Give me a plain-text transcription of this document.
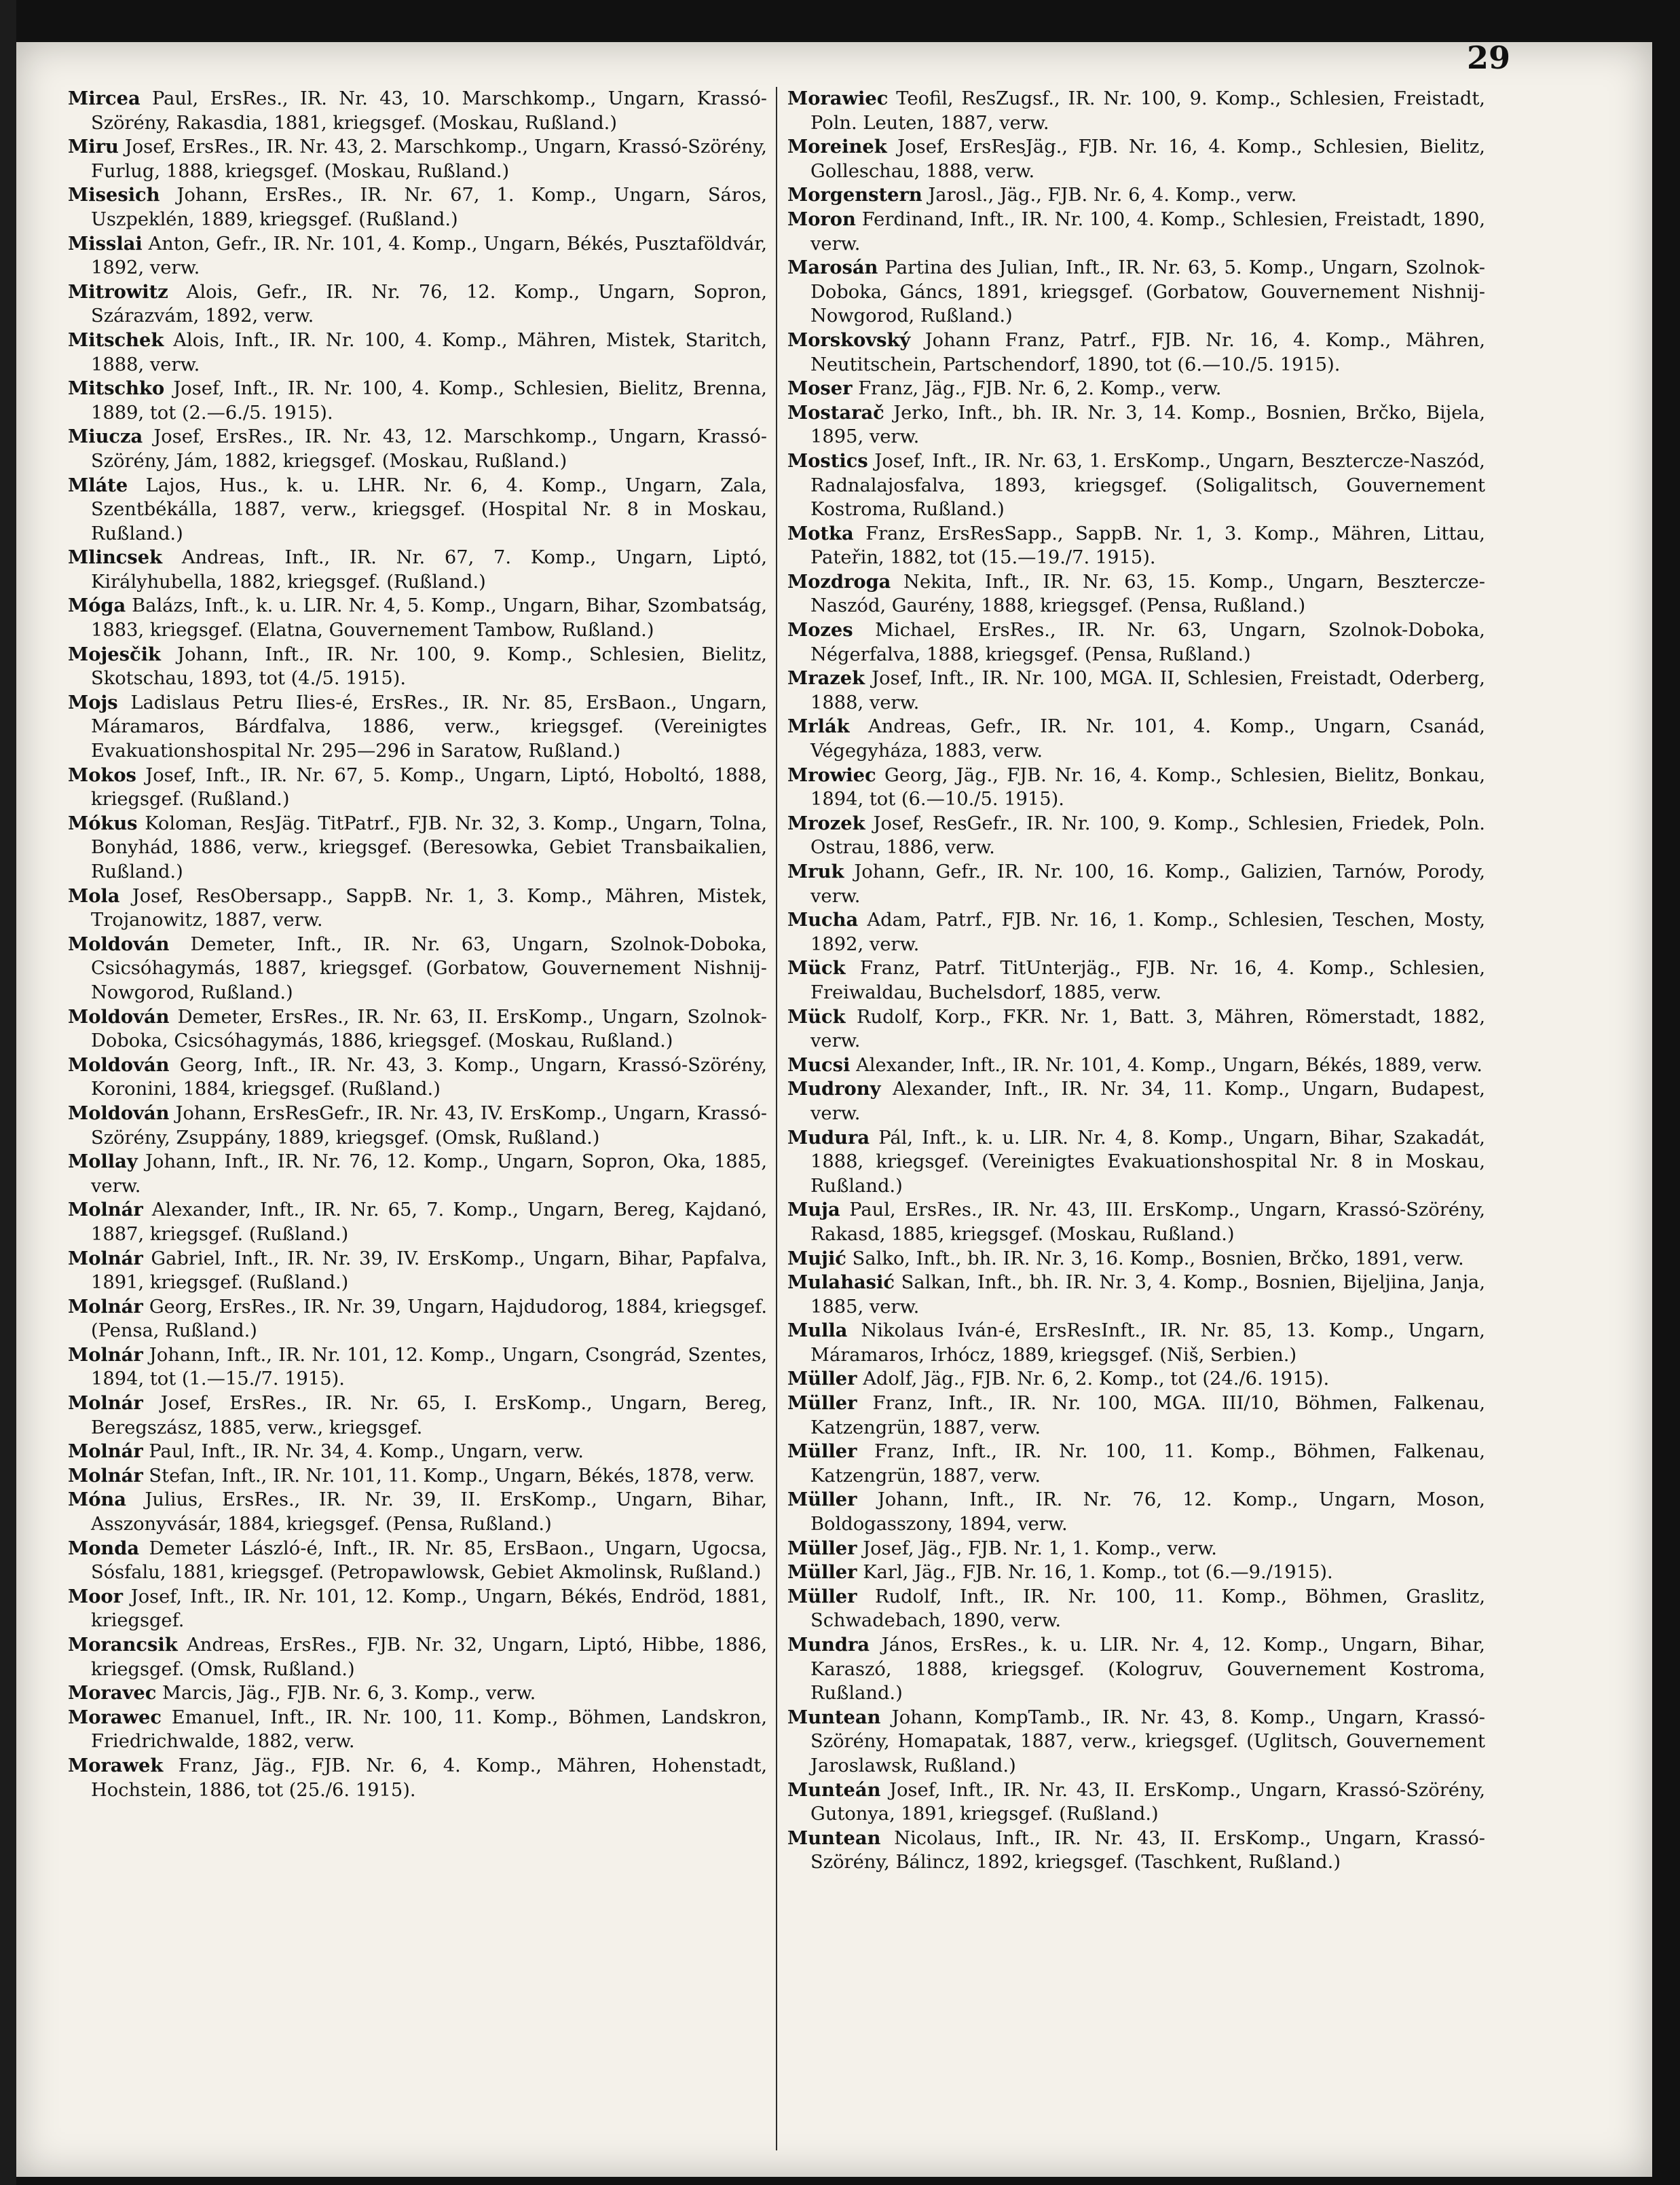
29

Mircea Paul, ErsRes., IR. Nr. 43, 10. Marschkomp., Ungarn, Krassó-Szörény, Rakasdia, 1881, kriegsgef. (Moskau, Rußland.)

Miru Josef, ErsRes., IR. Nr. 43, 2. Marschkomp., Ungarn, Krassó-Szörény, Furlug, 1888, kriegsgef. (Moskau, Rußland.)

Misesich Johann, ErsRes., IR. Nr. 67, 1. Komp., Ungarn, Sáros, Uszpeklén, 1889, kriegsgef. (Rußland.)

Misslai Anton, Gefr., IR. Nr. 101, 4. Komp., Ungarn, Békés, Pusztaföldvár, 1892, verw.

Mitrowitz Alois, Gefr., IR. Nr. 76, 12. Komp., Ungarn, Sopron, Szárazvám, 1892, verw.

Mitschek Alois, Inft., IR. Nr. 100, 4. Komp., Mähren, Mistek, Staritch, 1888, verw.

Mitschko Josef, Inft., IR. Nr. 100, 4. Komp., Schlesien, Bielitz, Brenna, 1889, tot (2.—6./5. 1915).

Miucza Josef, ErsRes., IR. Nr. 43, 12. Marschkomp., Ungarn, Krassó-Szörény, Jám, 1882, kriegsgef. (Moskau, Rußland.)

Mláte Lajos, Hus., k. u. LHR. Nr. 6, 4. Komp., Ungarn, Zala, Szentbékálla, 1887, verw., kriegsgef. (Hospital Nr. 8 in Moskau, Rußland.)

Mlincsek Andreas, Inft., IR. Nr. 67, 7. Komp., Ungarn, Liptó, Királyhubella, 1882, kriegsgef. (Rußland.)

Móga Balázs, Inft., k. u. LIR. Nr. 4, 5. Komp., Ungarn, Bihar, Szombatság, 1883, kriegsgef. (Elatna, Gouvernement Tambow, Rußland.)

Mojesčik Johann, Inft., IR. Nr. 100, 9. Komp., Schlesien, Bielitz, Skotschau, 1893, tot (4./5. 1915).

Mojs Ladislaus Petru Ilies-é, ErsRes., IR. Nr. 85, ErsBaon., Ungarn, Máramaros, Bárdfalva, 1886, verw., kriegsgef. (Vereinigtes Evakuationshospital Nr. 295—296 in Saratow, Rußland.)

Mokos Josef, Inft., IR. Nr. 67, 5. Komp., Ungarn, Liptó, Hoboltó, 1888, kriegsgef. (Rußland.)

Mókus Koloman, ResJäg. TitPatrf., FJB. Nr. 32, 3. Komp., Ungarn, Tolna, Bonyhád, 1886, verw., kriegsgef. (Beresowka, Gebiet Transbaikalien, Rußland.)

Mola Josef, ResObersapp., SappB. Nr. 1, 3. Komp., Mähren, Mistek, Trojanowitz, 1887, verw.

Moldován Demeter, Inft., IR. Nr. 63, Ungarn, Szolnok-Doboka, Csicsóhagymás, 1887, kriegsgef. (Gorbatow, Gouvernement Nishnij-Nowgorod, Rußland.)

Moldován Demeter, ErsRes., IR. Nr. 63, II. ErsKomp., Ungarn, Szolnok-Doboka, Csicsóhagymás, 1886, kriegsgef. (Moskau, Rußland.)

Moldován Georg, Inft., IR. Nr. 43, 3. Komp., Ungarn, Krassó-Szörény, Koronini, 1884, kriegsgef. (Rußland.)

Moldován Johann, ErsResGefr., IR. Nr. 43, IV. ErsKomp., Ungarn, Krassó-Szörény, Zsuppány, 1889, kriegsgef. (Omsk, Rußland.)

Mollay Johann, Inft., IR. Nr. 76, 12. Komp., Ungarn, Sopron, Oka, 1885, verw.

Molnár Alexander, Inft., IR. Nr. 65, 7. Komp., Ungarn, Bereg, Kajdanó, 1887, kriegsgef. (Rußland.)

Molnár Gabriel, Inft., IR. Nr. 39, IV. ErsKomp., Ungarn, Bihar, Papfalva, 1891, kriegsgef. (Rußland.)

Molnár Georg, ErsRes., IR. Nr. 39, Ungarn, Hajdudorog, 1884, kriegsgef. (Pensa, Rußland.)

Molnár Johann, Inft., IR. Nr. 101, 12. Komp., Ungarn, Csongrád, Szentes, 1894, tot (1.—15./7. 1915).

Molnár Josef, ErsRes., IR. Nr. 65, I. ErsKomp., Ungarn, Bereg, Beregszász, 1885, verw., kriegsgef.

Molnár Paul, Inft., IR. Nr. 34, 4. Komp., Ungarn, verw.

Molnár Stefan, Inft., IR. Nr. 101, 11. Komp., Ungarn, Békés, 1878, verw.

Móna Julius, ErsRes., IR. Nr. 39, II. ErsKomp., Ungarn, Bihar, Asszonyvásár, 1884, kriegsgef. (Pensa, Rußland.)

Monda Demeter László-é, Inft., IR. Nr. 85, ErsBaon., Ungarn, Ugocsa, Sósfalu, 1881, kriegsgef. (Petropawlowsk, Gebiet Akmolinsk, Rußland.)

Moor Josef, Inft., IR. Nr. 101, 12. Komp., Ungarn, Békés, Endröd, 1881, kriegsgef.

Morancsik Andreas, ErsRes., FJB. Nr. 32, Ungarn, Liptó, Hibbe, 1886, kriegsgef. (Omsk, Rußland.)

Moravec Marcis, Jäg., FJB. Nr. 6, 3. Komp., verw.

Morawec Emanuel, Inft., IR. Nr. 100, 11. Komp., Böhmen, Landskron, Friedrichwalde, 1882, verw.

Morawek Franz, Jäg., FJB. Nr. 6, 4. Komp., Mähren, Hohenstadt, Hochstein, 1886, tot (25./6. 1915).

Morawiec Teofil, ResZugsf., IR. Nr. 100, 9. Komp., Schlesien, Freistadt, Poln. Leuten, 1887, verw.

Moreinek Josef, ErsResJäg., FJB. Nr. 16, 4. Komp., Schlesien, Bielitz, Golleschau, 1888, verw.

Morgenstern Jarosl., Jäg., FJB. Nr. 6, 4. Komp., verw.

Moron Ferdinand, Inft., IR. Nr. 100, 4. Komp., Schlesien, Freistadt, 1890, verw.

Marosán Partina des Julian, Inft., IR. Nr. 63, 5. Komp., Ungarn, Szolnok-Doboka, Gáncs, 1891, kriegsgef. (Gorbatow, Gouvernement Nishnij-Nowgorod, Rußland.)

Morskovský Johann Franz, Patrf., FJB. Nr. 16, 4. Komp., Mähren, Neutitschein, Partschendorf, 1890, tot (6.—10./5. 1915).

Moser Franz, Jäg., FJB. Nr. 6, 2. Komp., verw.

Mostarač Jerko, Inft., bh. IR. Nr. 3, 14. Komp., Bosnien, Brčko, Bijela, 1895, verw.

Mostics Josef, Inft., IR. Nr. 63, 1. ErsKomp., Ungarn, Besztercze-Naszód, Radnalajosfalva, 1893, kriegsgef. (Soligalitsch, Gouvernement Kostroma, Rußland.)

Motka Franz, ErsResSapp., SappB. Nr. 1, 3. Komp., Mähren, Littau, Pateřin, 1882, tot (15.—19./7. 1915).

Mozdroga Nekita, Inft., IR. Nr. 63, 15. Komp., Ungarn, Besztercze-Naszód, Gaurény, 1888, kriegsgef. (Pensa, Rußland.)

Mozes Michael, ErsRes., IR. Nr. 63, Ungarn, Szolnok-Doboka, Négerfalva, 1888, kriegsgef. (Pensa, Rußland.)

Mrazek Josef, Inft., IR. Nr. 100, MGA. II, Schlesien, Freistadt, Oderberg, 1888, verw.

Mrlák Andreas, Gefr., IR. Nr. 101, 4. Komp., Ungarn, Csanád, Végegyháza, 1883, verw.

Mrowiec Georg, Jäg., FJB. Nr. 16, 4. Komp., Schlesien, Bielitz, Bonkau, 1894, tot (6.—10./5. 1915).

Mrozek Josef, ResGefr., IR. Nr. 100, 9. Komp., Schlesien, Friedek, Poln. Ostrau, 1886, verw.

Mruk Johann, Gefr., IR. Nr. 100, 16. Komp., Galizien, Tarnów, Porody, verw.

Mucha Adam, Patrf., FJB. Nr. 16, 1. Komp., Schlesien, Teschen, Mosty, 1892, verw.

Mück Franz, Patrf. TitUnterjäg., FJB. Nr. 16, 4. Komp., Schlesien, Freiwaldau, Buchelsdorf, 1885, verw.

Mück Rudolf, Korp., FKR. Nr. 1, Batt. 3, Mähren, Römerstadt, 1882, verw.

Mucsi Alexander, Inft., IR. Nr. 101, 4. Komp., Ungarn, Békés, 1889, verw.

Mudrony Alexander, Inft., IR. Nr. 34, 11. Komp., Ungarn, Budapest, verw.

Mudura Pál, Inft., k. u. LIR. Nr. 4, 8. Komp., Ungarn, Bihar, Szakadát, 1888, kriegsgef. (Vereinigtes Evakuationshospital Nr. 8 in Moskau, Rußland.)

Muja Paul, ErsRes., IR. Nr. 43, III. ErsKomp., Ungarn, Krassó-Szörény, Rakasd, 1885, kriegsgef. (Moskau, Rußland.)

Mujić Salko, Inft., bh. IR. Nr. 3, 16. Komp., Bosnien, Brčko, 1891, verw.

Mulahasić Salkan, Inft., bh. IR. Nr. 3, 4. Komp., Bosnien, Bijeljina, Janja, 1885, verw.

Mulla Nikolaus Iván-é, ErsResInft., IR. Nr. 85, 13. Komp., Ungarn, Máramaros, Irhócz, 1889, kriegsgef. (Niš, Serbien.)

Müller Adolf, Jäg., FJB. Nr. 6, 2. Komp., tot (24./6. 1915).

Müller Franz, Inft., IR. Nr. 100, MGA. III/10, Böhmen, Falkenau, Katzengrün, 1887, verw.

Müller Franz, Inft., IR. Nr. 100, 11. Komp., Böhmen, Falkenau, Katzengrün, 1887, verw.

Müller Johann, Inft., IR. Nr. 76, 12. Komp., Ungarn, Moson, Boldogasszony, 1894, verw.

Müller Josef, Jäg., FJB. Nr. 1, 1. Komp., verw.

Müller Karl, Jäg., FJB. Nr. 16, 1. Komp., tot (6.—9./1915).

Müller Rudolf, Inft., IR. Nr. 100, 11. Komp., Böhmen, Graslitz, Schwadebach, 1890, verw.

Mundra János, ErsRes., k. u. LIR. Nr. 4, 12. Komp., Ungarn, Bihar, Karaszó, 1888, kriegsgef. (Kologruv, Gouvernement Kostroma, Rußland.)

Muntean Johann, KompTamb., IR. Nr. 43, 8. Komp., Ungarn, Krassó-Szörény, Homapatak, 1887, verw., kriegsgef. (Uglitsch, Gouvernement Jaroslawsk, Rußland.)

Munteán Josef, Inft., IR. Nr. 43, II. ErsKomp., Ungarn, Krassó-Szörény, Gutonya, 1891, kriegsgef. (Rußland.)

Muntean Nicolaus, Inft., IR. Nr. 43, II. ErsKomp., Ungarn, Krassó-Szörény, Bálincz, 1892, kriegsgef. (Taschkent, Rußland.)
